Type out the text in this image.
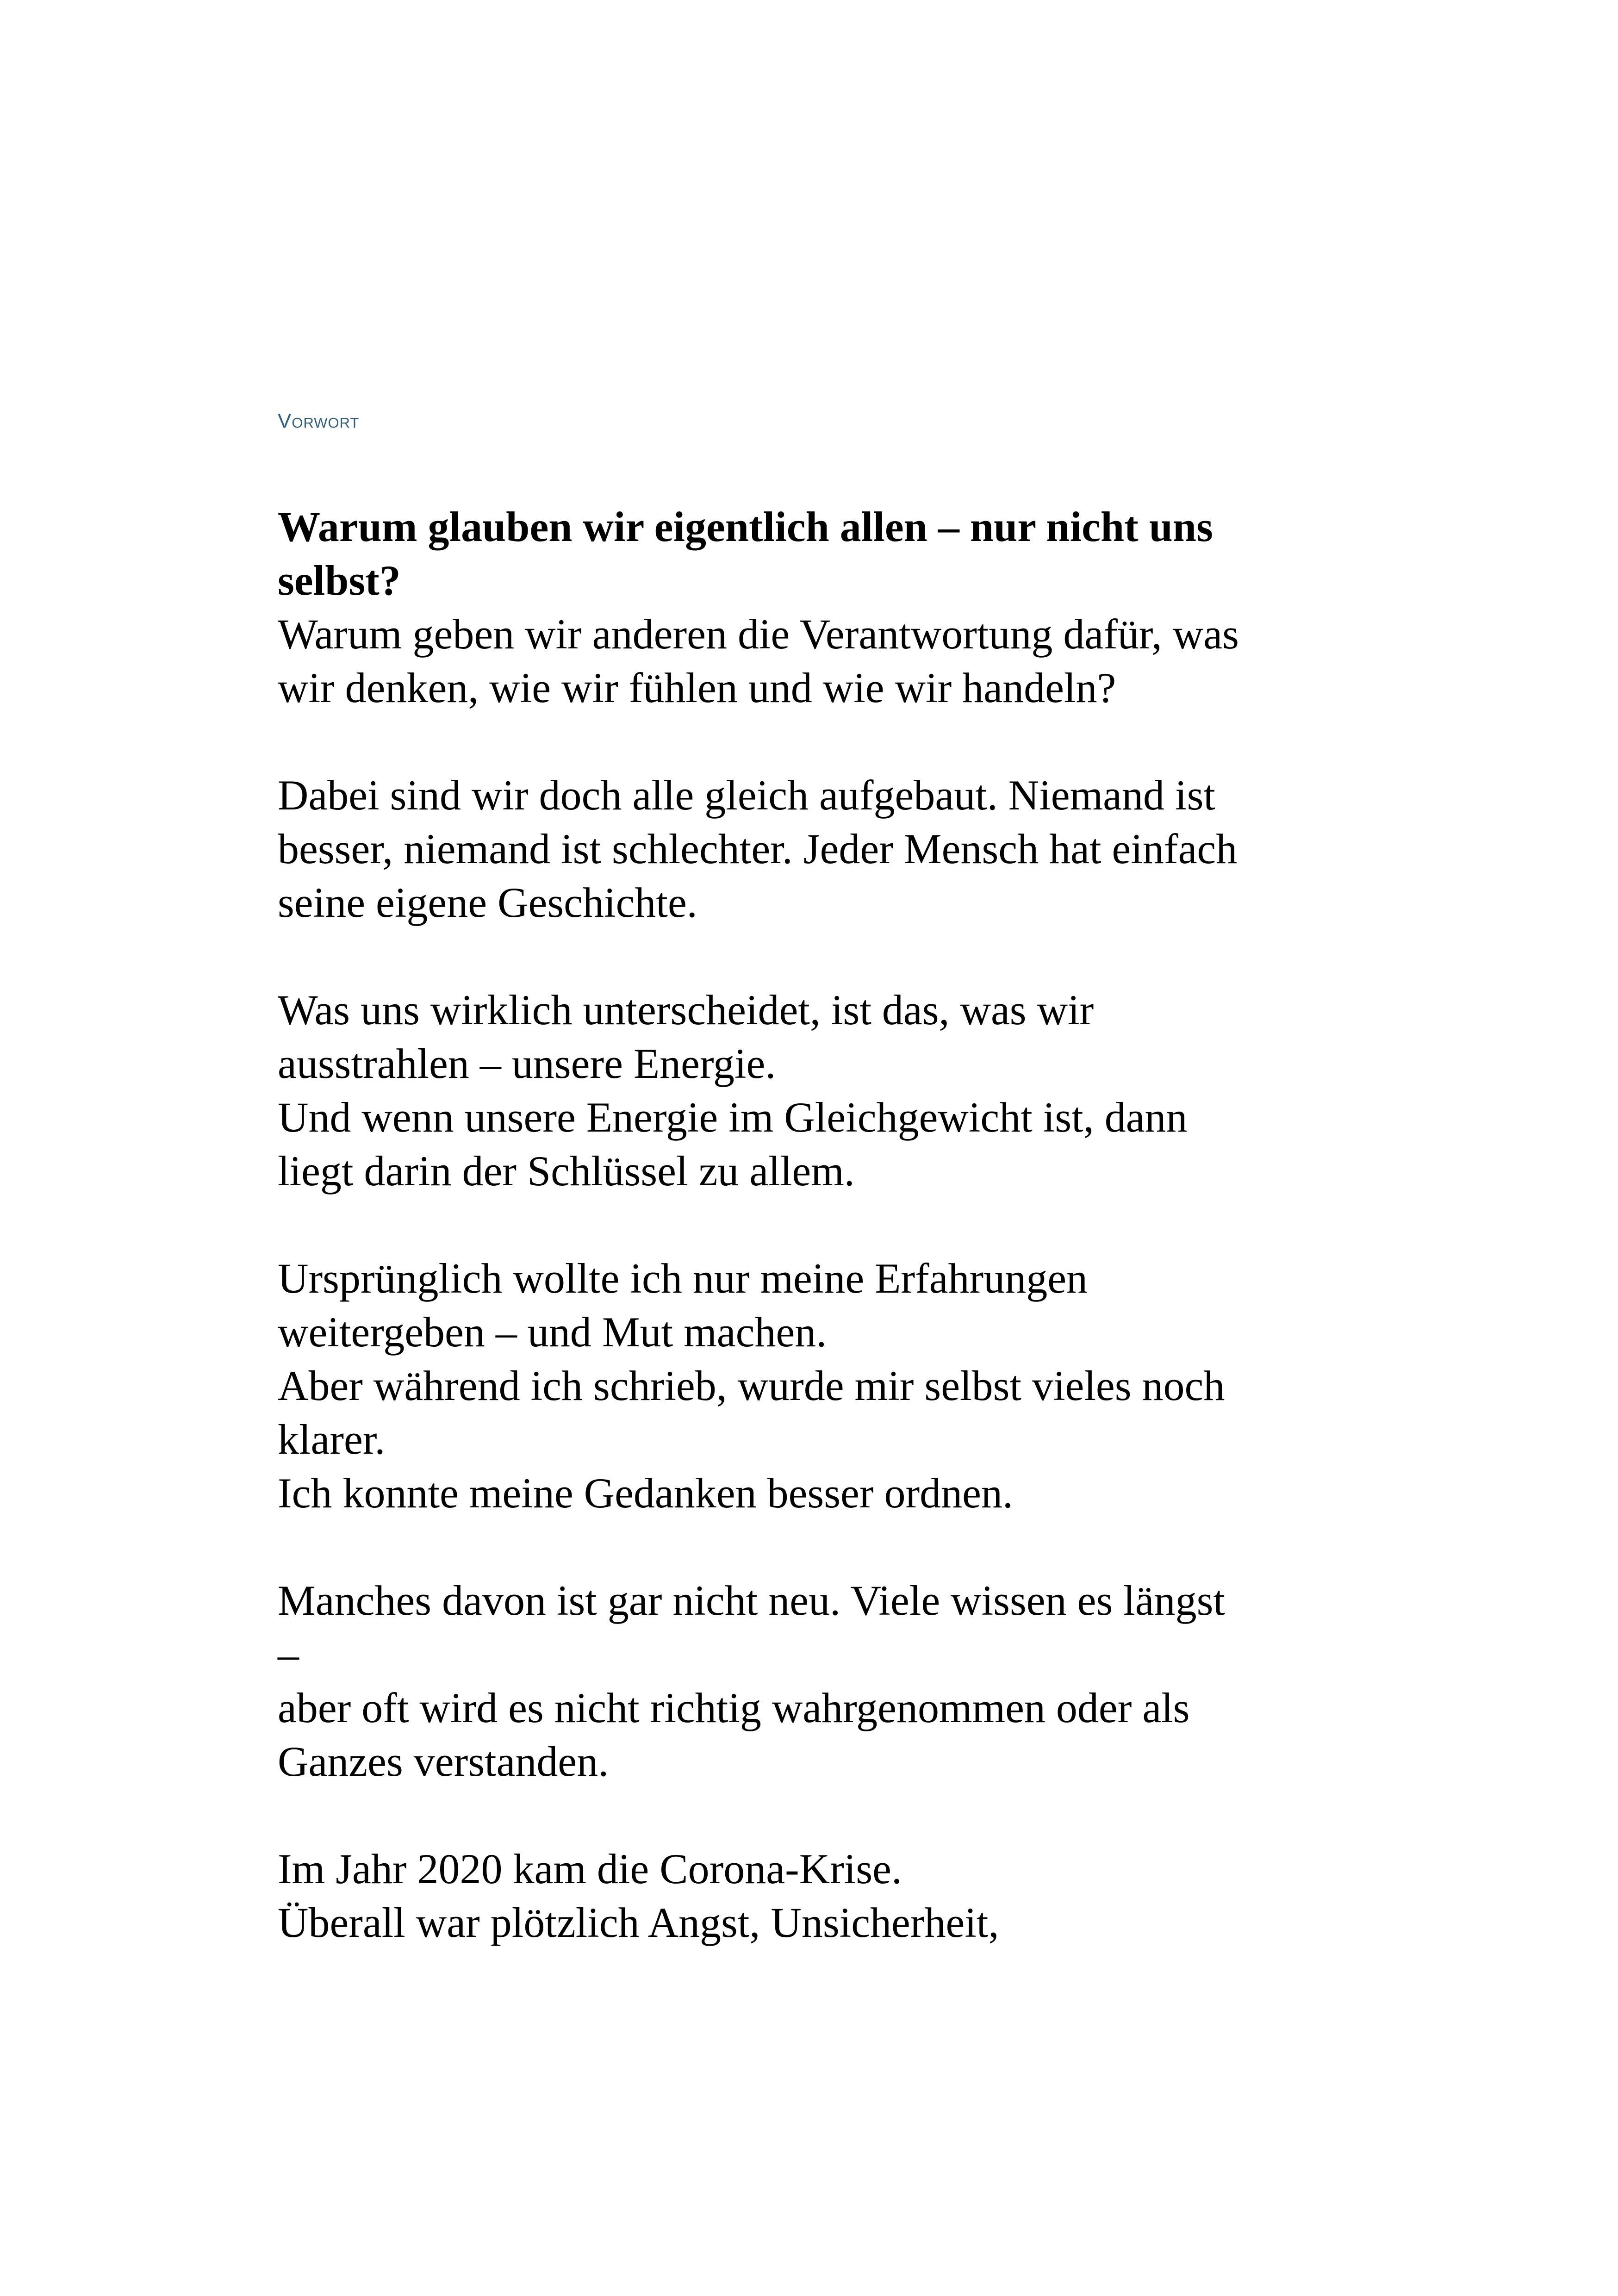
Vorwort
Warum glauben wir eigentlich allen – nur nicht uns
selbst?

Warum geben wir anderen die Verantwortung dafür, was
wir denken, wie wir fühlen und wie wir handeln?

Dabei sind wir doch alle gleich aufgebaut. Niemand ist
besser, niemand ist schlechter. Jeder Mensch hat einfach
seine eigene Geschichte.

Was uns wirklich unterscheidet, ist das, was wir
ausstrahlen – unsere Energie.
Und wenn unsere Energie im Gleichgewicht ist, dann
liegt darin der Schlüssel zu allem.

Ursprünglich wollte ich nur meine Erfahrungen
weitergeben – und Mut machen.
Aber während ich schrieb, wurde mir selbst vieles noch
klarer.
Ich konnte meine Gedanken besser ordnen.

Manches davon ist gar nicht neu. Viele wissen es längst
–
aber oft wird es nicht richtig wahrgenommen oder als
Ganzes verstanden.

Im Jahr 2020 kam die Corona-Krise.
Überall war plötzlich Angst, Unsicherheit,
